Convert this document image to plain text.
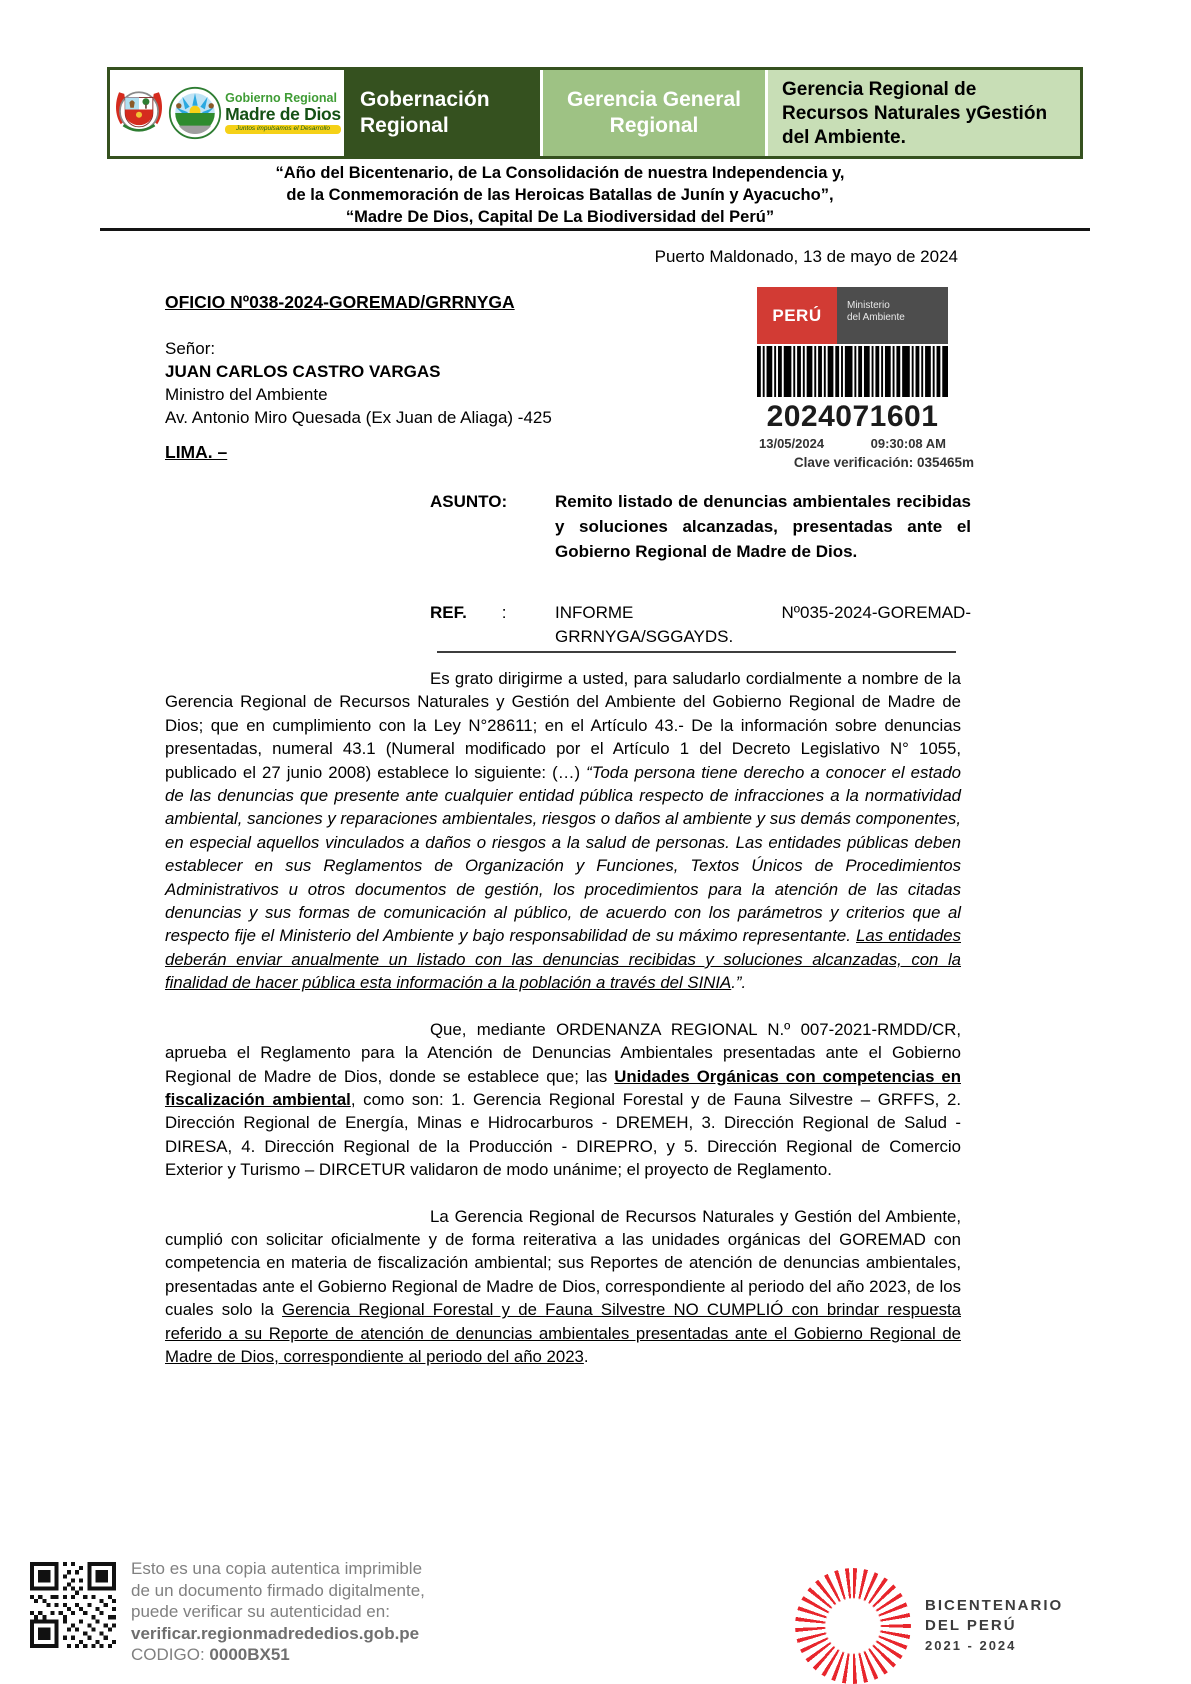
Gobierno Regional
Madre de Dios
Juntos impulsamos el Desarrollo
Gobernación Regional
Gerencia General Regional
Gerencia Regional de Recursos Naturales yGestión del Ambiente.
“Año del Bicentenario, de La Consolidación de nuestra Independencia y,
de la Conmemoración de las Heroicas Batallas de Junín y Ayacucho”,
“Madre De Dios, Capital De La Biodiversidad del Perú”
Puerto Maldonado, 13 de mayo de 2024
OFICIO Nº038-2024-GOREMAD/GRRNYGA
Señor:
JUAN CARLOS CASTRO VARGAS
Ministro del Ambiente
Av. Antonio Miro Quesada (Ex Juan de Aliaga) -425
LIMA. –
PERÚ	Ministerio
del Ambiente
2024071601
13/05/2024	09:30:08 AM
Clave verificación: 035465m
ASUNTO:	Remito listado de denuncias ambientales recibidas y soluciones alcanzadas, presentadas ante el Gobierno Regional de Madre de Dios.
REF. :	INFORME	Nº035-2024-GOREMAD-
GRRNYGA/SGGAYDS.

Es grato dirigirme a usted, para saludarlo cordialmente a nombre de la Gerencia Regional de Recursos Naturales y Gestión del Ambiente del Gobierno Regional de Madre de Dios; que en cumplimiento con la Ley N°28611; en el Artículo 43.- De la información sobre denuncias presentadas, numeral 43.1 (Numeral modificado por el Artículo 1 del Decreto Legislativo N° 1055, publicado el 27 junio 2008) establece lo siguiente: (…) “Toda persona tiene derecho a conocer el estado de las denuncias que presente ante cualquier entidad pública respecto de infracciones a la normatividad ambiental, sanciones y reparaciones ambientales, riesgos o daños al ambiente y sus demás componentes, en especial aquellos vinculados a daños o riesgos a la salud de personas. Las entidades públicas deben establecer en sus Reglamentos de Organización y Funciones, Textos Únicos de Procedimientos Administrativos u otros documentos de gestión, los procedimientos para la atención de las citadas denuncias y sus formas de comunicación al público, de acuerdo con los parámetros y criterios que al respecto fije el Ministerio del Ambiente y bajo responsabilidad de su máximo representante. Las entidades deberán enviar anualmente un listado con las denuncias recibidas y soluciones alcanzadas, con la finalidad de hacer pública esta información a la población a través del SINIA.”.

Que, mediante ORDENANZA REGIONAL N.º 007-2021-RMDD/CR, aprueba el Reglamento para la Atención de Denuncias Ambientales presentadas ante el Gobierno Regional de Madre de Dios, donde se establece que; las Unidades Orgánicas con competencias en fiscalización ambiental, como son: 1. Gerencia Regional Forestal y de Fauna Silvestre – GRFFS, 2. Dirección Regional de Energía, Minas e Hidrocarburos - DREMEH, 3. Dirección Regional de Salud - DIRESA, 4. Dirección Regional de la Producción - DIREPRO, y 5. Dirección Regional de Comercio Exterior y Turismo – DIRCETUR validaron de modo unánime; el proyecto de Reglamento.

La Gerencia Regional de Recursos Naturales y Gestión del Ambiente, cumplió con solicitar oficialmente y de forma reiterativa a las unidades orgánicas del GOREMAD con competencia en materia de fiscalización ambiental; sus Reportes de atención de denuncias ambientales, presentadas ante el Gobierno Regional de Madre de Dios, correspondiente al periodo del año 2023, de los cuales solo la Gerencia Regional Forestal y de Fauna Silvestre NO CUMPLIÓ con brindar respuesta referido a su Reporte de atención de denuncias ambientales presentadas ante el Gobierno Regional de Madre de Dios, correspondiente al periodo del año 2023.

Esto es una copia autentica imprimible
de un documento firmado digitalmente,
puede verificar su autenticidad en:
verificar.regionmadrededios.gob.pe
CODIGO: 0000BX51
BICENTENARIO
DEL PERÚ
2021 - 2024
